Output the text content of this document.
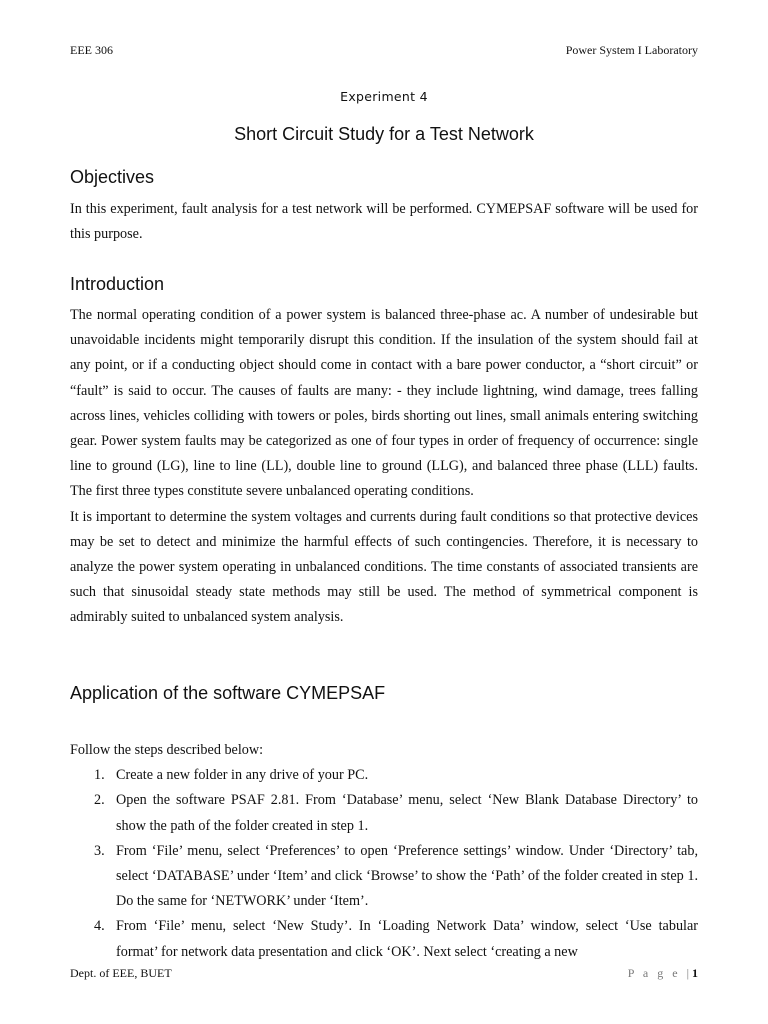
EEE 306	Power System I Laboratory
Experiment 4
Short Circuit Study for a Test Network
Objectives

In this experiment, fault analysis for a test network will be performed. CYMEPSAF software will be used for this purpose.

Introduction

The normal operating condition of a power system is balanced three-phase ac. A number of undesirable but unavoidable incidents might temporarily disrupt this condition. If the insulation of the system should fail at any point, or if a conducting object should come in contact with a bare power conductor, a “short circuit” or “fault” is said to occur. The causes of faults are many: - they include lightning, wind damage, trees falling across lines, vehicles colliding with towers or poles, birds shorting out lines, small animals entering switching gear. Power system faults may be categorized as one of four types in order of frequency of occurrence: single line to ground (LG), line to line (LL), double line to ground (LLG), and balanced three phase (LLL) faults. The first three types constitute severe unbalanced operating conditions.

It is important to determine the system voltages and currents during fault conditions so that protective devices may be set to detect and minimize the harmful effects of such contingencies. Therefore, it is necessary to analyze the power system operating in unbalanced conditions. The time constants of associated transients are such that sinusoidal steady state methods may still be used. The method of symmetrical component is admirably suited to unbalanced system analysis.

Application of the software CYMEPSAF

Follow the steps described below:

1. Create a new folder in any drive of your PC.
2. Open the software PSAF 2.81. From ‘Database’ menu, select ‘New Blank Database Directory’ to show the path of the folder created in step 1.
3. From ‘File’ menu, select ‘Preferences’ to open ‘Preference settings’ window. Under ‘Directory’ tab, select ‘DATABASE’ under ‘Item’ and click ‘Browse’ to show the ‘Path’ of the folder created in step 1. Do the same for ‘NETWORK’ under ‘Item’.
4. From ‘File’ menu, select ‘New Study’. In ‘Loading Network Data’ window, select ‘Use tabular format’ for network data presentation and click ‘OK’. Next select ‘creating a new
Dept. of EEE, BUET	P a g e |1
